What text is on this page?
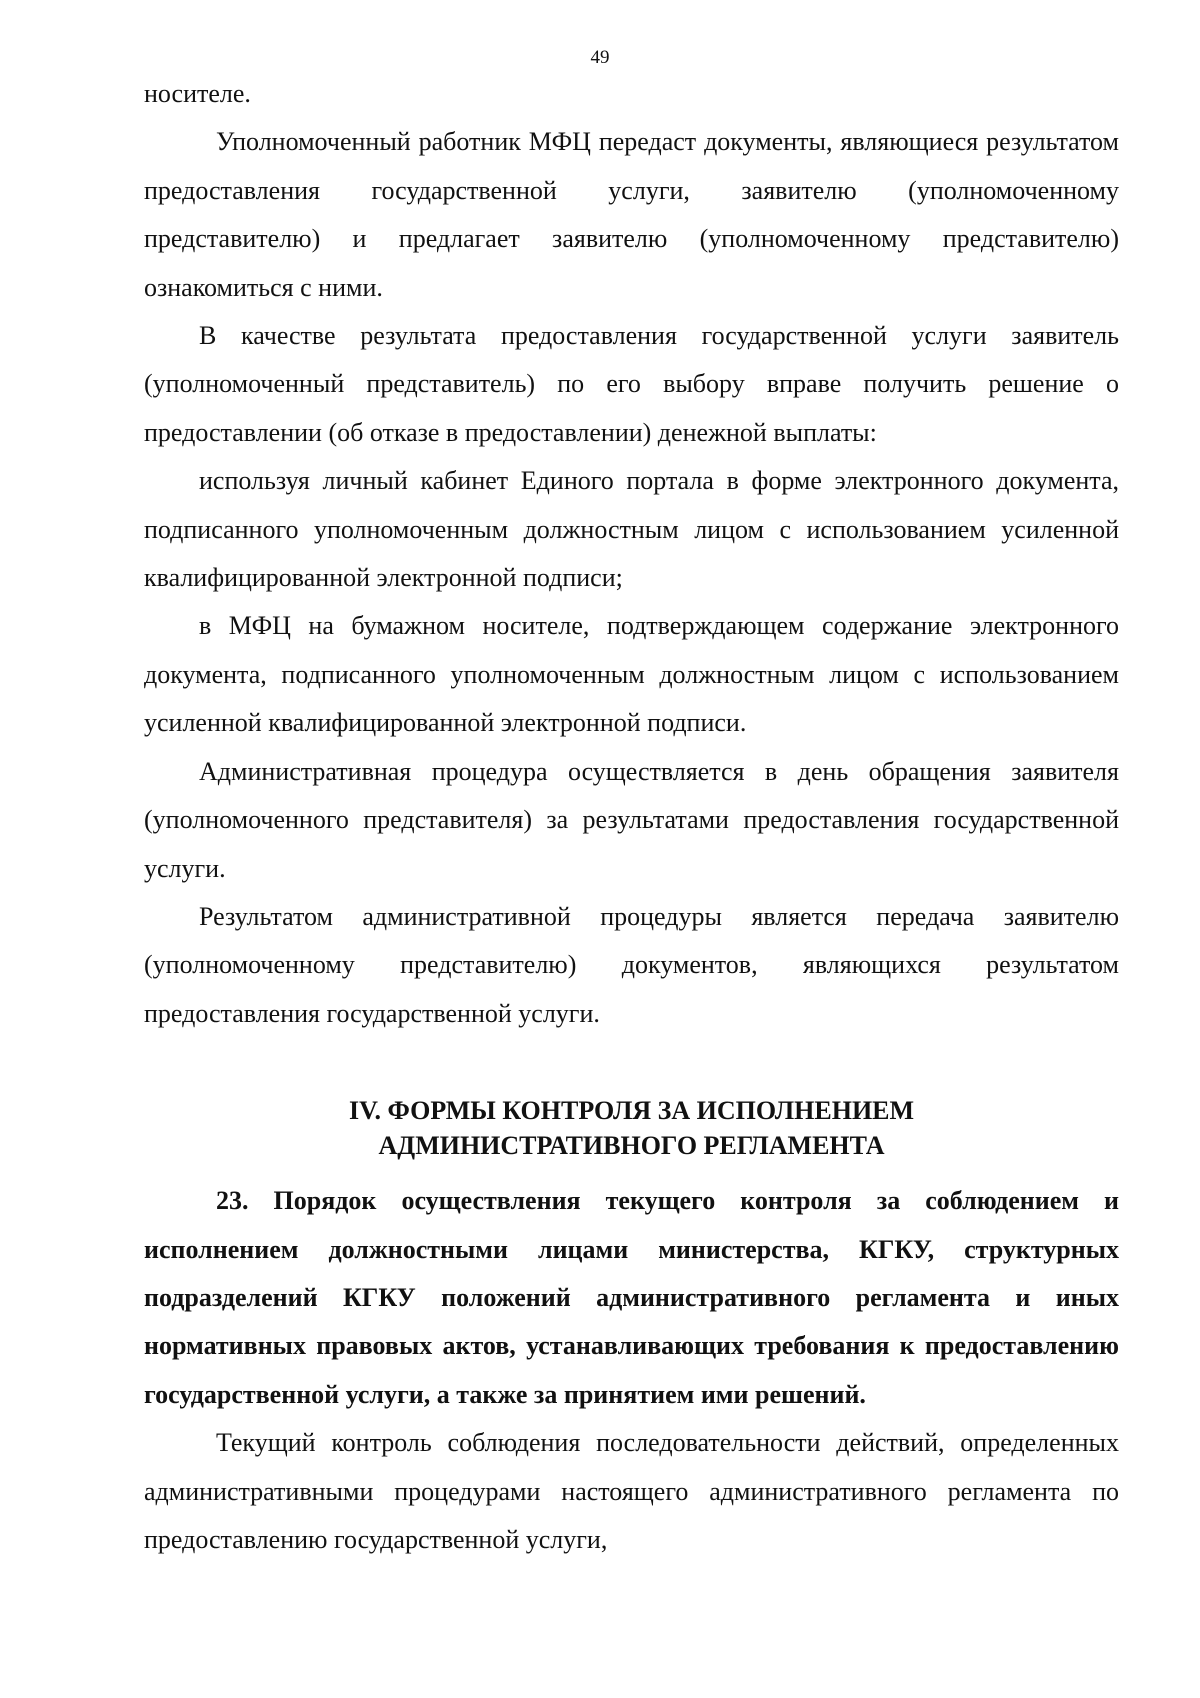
49

носителе.

Уполномоченный работник МФЦ передаст документы, являющиеся результатом предоставления государственной услуги, заявителю (уполномоченному представителю) и предлагает заявителю (уполномоченному представителю) ознакомиться с ними.

В качестве результата предоставления государственной услуги заявитель (уполномоченный представитель) по его выбору вправе получить решение о предоставлении (об отказе в предоставлении) денежной выплаты:

используя личный кабинет Единого портала в форме электронного документа, подписанного уполномоченным должностным лицом с использованием усиленной квалифицированной электронной подписи;

в МФЦ на бумажном носителе, подтверждающем содержание электронного документа, подписанного уполномоченным должностным лицом с использованием усиленной квалифицированной электронной подписи.

Административная процедура осуществляется в день обращения заявителя (уполномоченного представителя) за результатами предоставления государственной услуги.

Результатом административной процедуры является передача заявителю (уполномоченному представителю) документов, являющихся результатом предоставления государственной услуги.

IV. ФОРМЫ КОНТРОЛЯ ЗА ИСПОЛНЕНИЕМ
АДМИНИСТРАТИВНОГО РЕГЛАМЕНТА

23. Порядок осуществления текущего контроля за соблюдением и исполнением должностными лицами министерства, КГКУ, структурных подразделений КГКУ положений административного регламента и иных нормативных правовых актов, устанавливающих требования к предоставлению государственной услуги, а также за принятием ими решений.

Текущий контроль соблюдения последовательности действий, определенных административными процедурами настоящего административного регламента по предоставлению государственной услуги,
